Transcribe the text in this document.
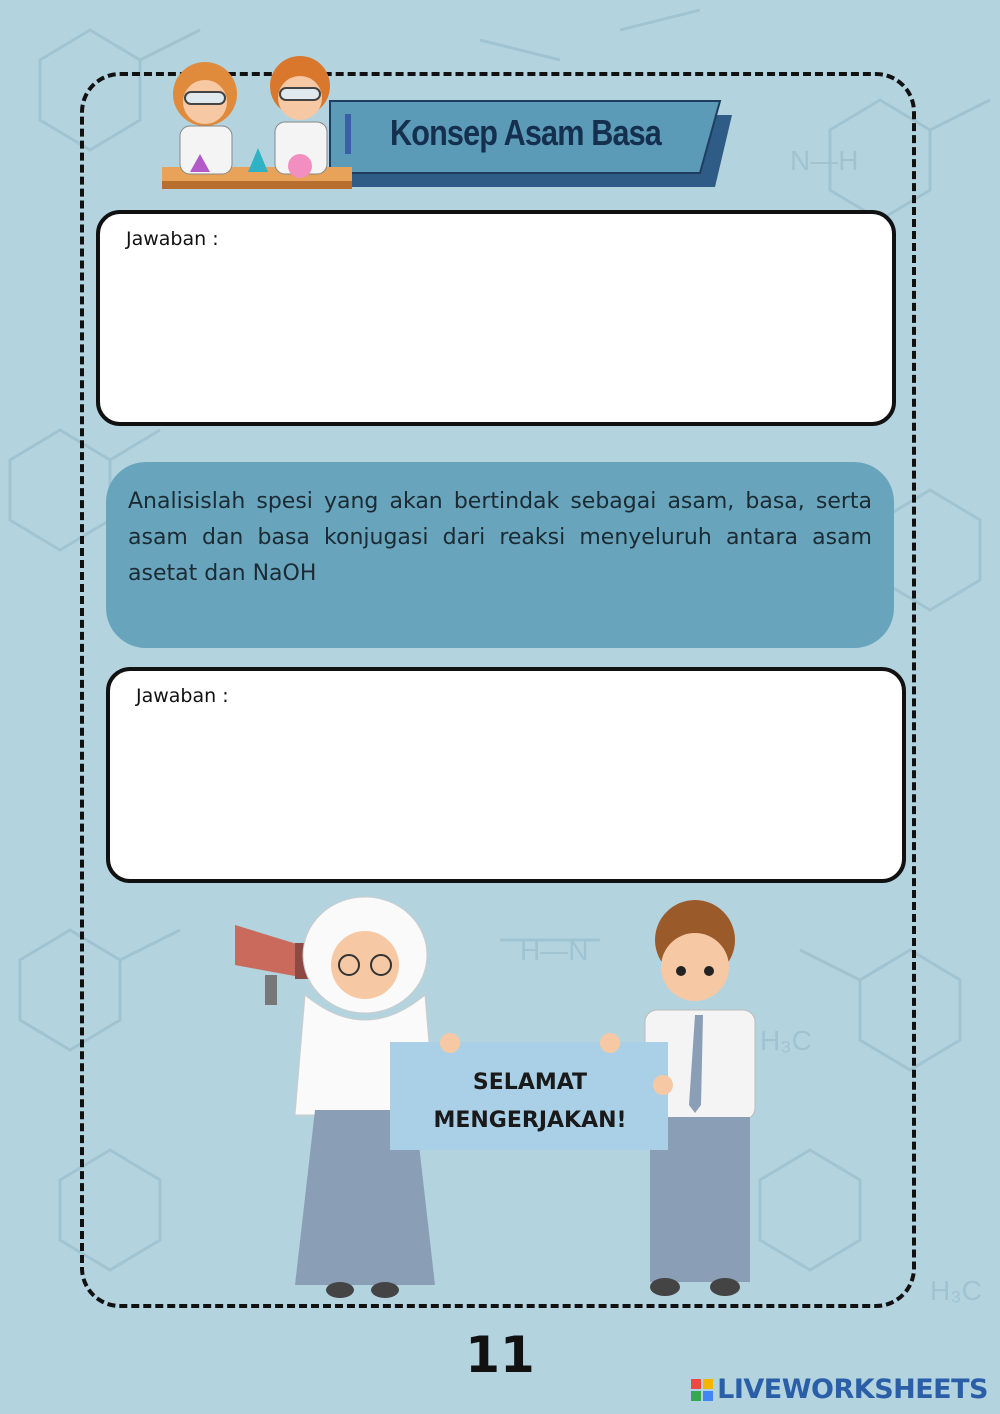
H—N
H₃C
H₃C
N—H
Konsep Asam Basa
Jawaban :

Analisislah spesi yang akan bertindak sebagai asam, basa, serta asam dan basa konjugasi dari reaksi menyeluruh antara asam asetat dan NaOH

Jawaban :
SELAMAT
MENGERJAKAN!
11
LIVEWORKSHEETS
